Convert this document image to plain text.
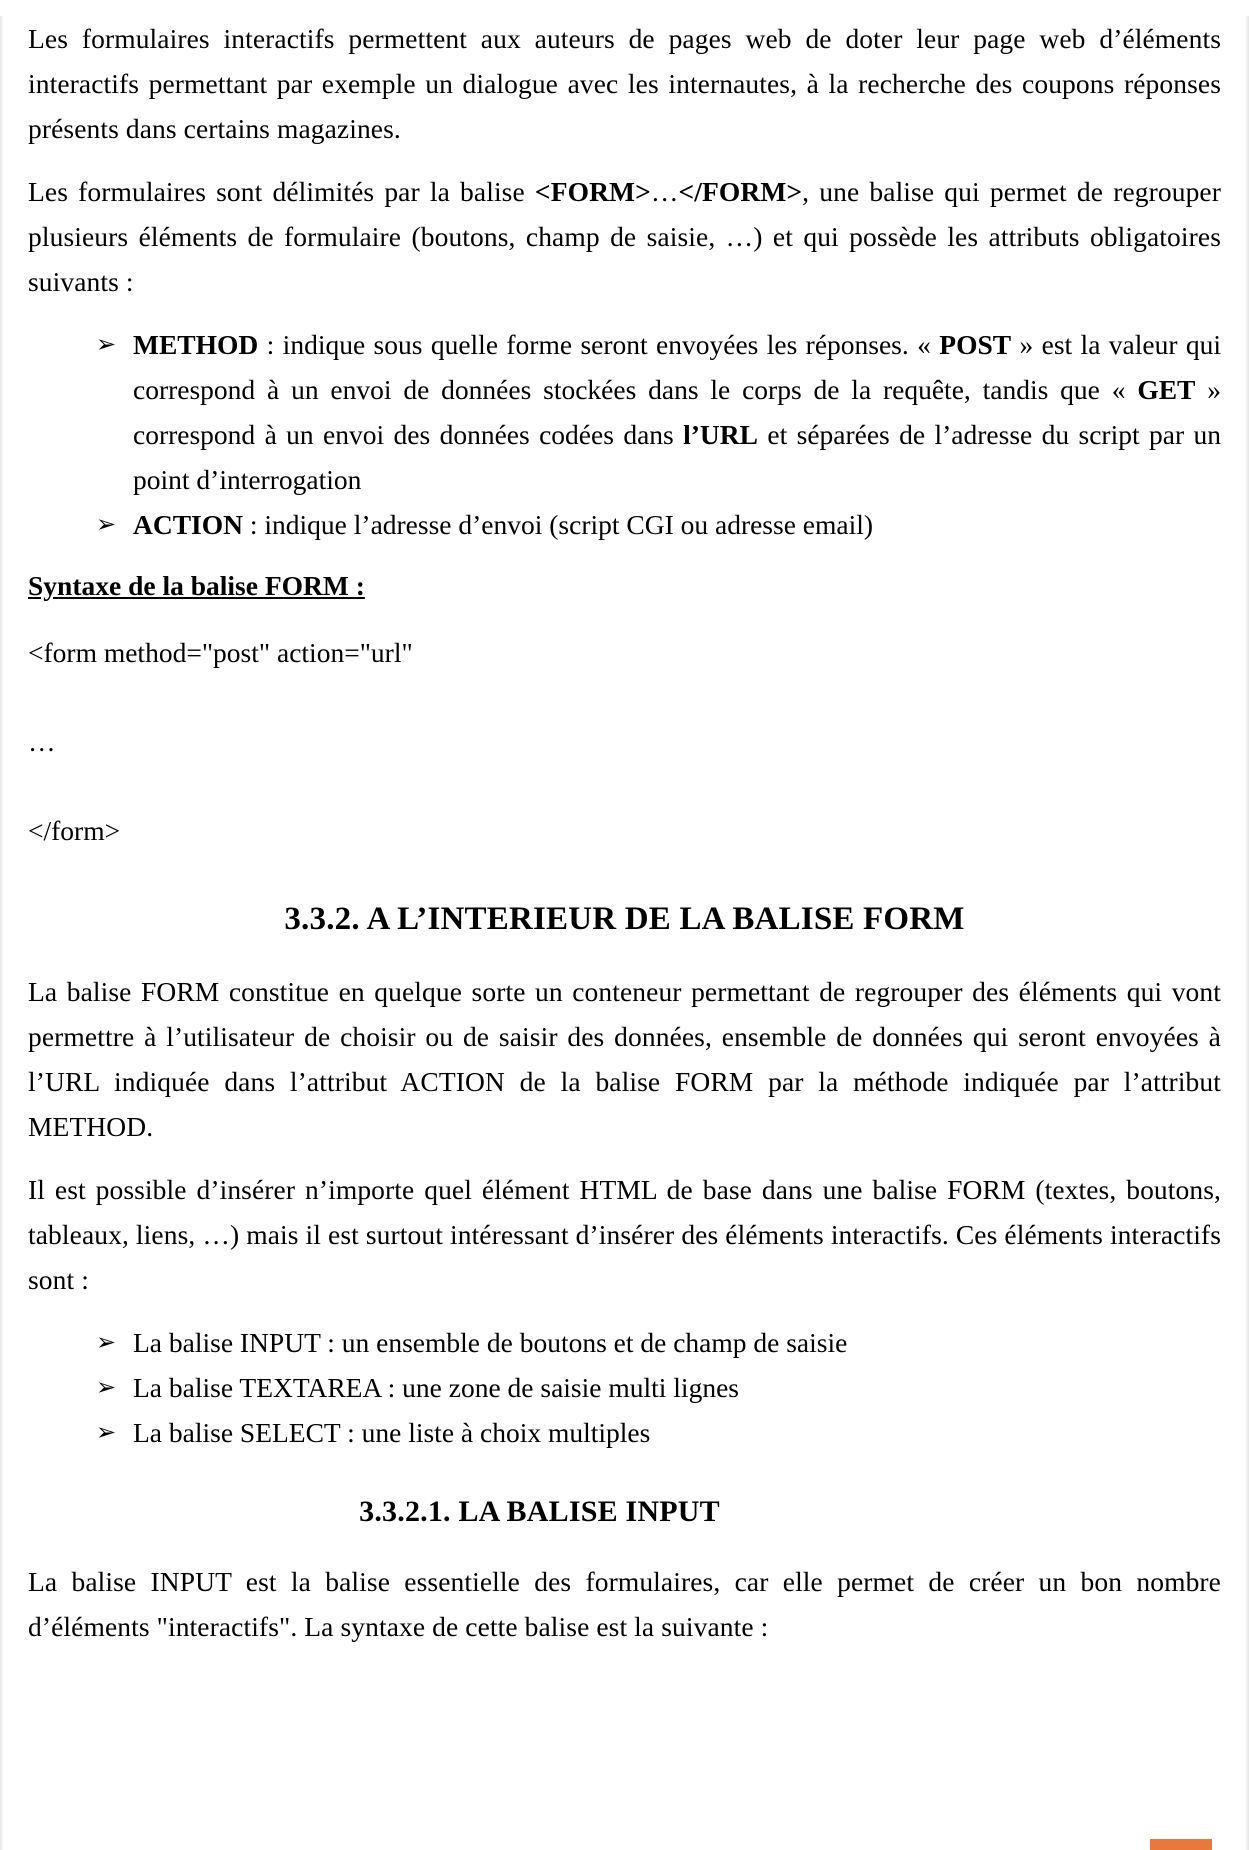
Les formulaires interactifs permettent aux auteurs de pages web de doter leur page web d’éléments interactifs permettant par exemple un dialogue avec les internautes, à la recherche des coupons réponses présents dans certains magazines.

Les formulaires sont délimités par la balise <FORM>…</FORM>, une balise qui permet de regrouper plusieurs éléments de formulaire (boutons, champ de saisie, …) et qui possède les attributs obligatoires suivants :

➢ METHOD : indique sous quelle forme seront envoyées les réponses. « POST » est la valeur qui correspond à un envoi de données stockées dans le corps de la requête, tandis que « GET » correspond à un envoi des données codées dans l’URL et séparées de l’adresse du script par un point d’interrogation
➢ ACTION : indique l’adresse d’envoi (script CGI ou adresse email)
Syntaxe de la balise FORM :
<form method="post" action="url"
…
</form>
3.3.2. A L’INTERIEUR DE LA BALISE FORM

La balise FORM constitue en quelque sorte un conteneur permettant de regrouper des éléments qui vont permettre à l’utilisateur de choisir ou de saisir des données, ensemble de données qui seront envoyées à l’URL indiquée dans l’attribut ACTION de la balise FORM par la méthode indiquée par l’attribut METHOD.

Il est possible d’insérer n’importe quel élément HTML de base dans une balise FORM (textes, boutons, tableaux, liens, …) mais il est surtout intéressant d’insérer des éléments interactifs. Ces éléments interactifs sont :

➢ La balise INPUT : un ensemble de boutons et de champ de saisie
➢ La balise TEXTAREA : une zone de saisie multi lignes
➢ La balise SELECT : une liste à choix multiples
3.3.2.1. LA BALISE INPUT

La balise INPUT est la balise essentielle des formulaires, car elle permet de créer un bon nombre d’éléments "interactifs". La syntaxe de cette balise est la suivante :
